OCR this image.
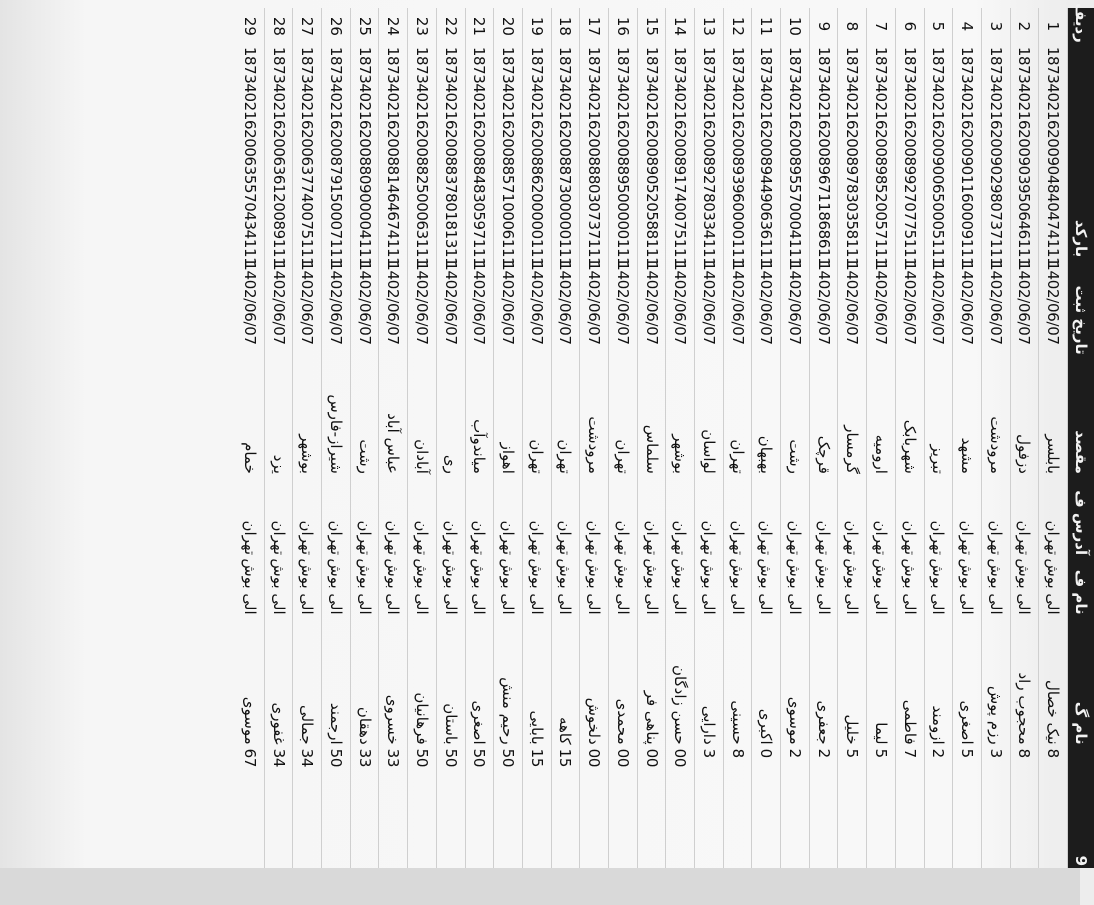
ردیف	بارکد	تاریخ ثبت	مقصد	آدرس ف	نام ف	نام گ	9
1	187340216200904840474111	1402/06/07	بابلسر	تهران	الی بوش	نیک خصال	8
2	187340216200903950646111	1402/06/07	دزفول	تهران	الی بوش	محجوب راد	8
3	187340216200902980737111	1402/06/07	مرودشت	تهران	الی بوش	رزم پوش	3
4	187340216200901160009111	1402/06/07	مشهد	تهران	الی بوش	اصغری	5
5	187340216200900650005111	1402/06/07	تبریز	تهران	الی بوش	ازومند	2
6	187340216200899270775111	1402/06/07	شهربابک	تهران	الی بوش	فاطمی	7
7	187340216200898520057111	1402/06/07	ارومیه	تهران	الی بوش	لیما	5
8	187340216200897830358111	1402/06/07	گرمسار	تهران	الی بوش	خلیل	5
9	187340216200896711868611	1402/06/07	قرچک	تهران	الی بوش	جعفری	2
10	187340216200895570004111	1402/06/07	رشت	تهران	الی بوش	موسوی	2
11	187340216200894490636111	1402/06/07	بهبهان	تهران	الی بوش	اکبری	0
12	187340216200893960000111	1402/06/07	تهران	تهران	الی بوش	حسینی	8
13	187340216200892780334111	1402/06/07	لواسان	تهران	الی بوش	دارایی	3
14	187340216200891740075111	1402/06/07	بوشهر	تهران	الی بوش	حسن زادگان	00
15	187340216200890520588111	1402/06/07	سلماس	تهران	الی بوش	پناهی فر	00
16	187340216200889500000111	1402/06/07	تهران	تهران	الی بوش	محمدی	00
17	187340216200888030737111	1402/06/07	مرودشت	تهران	الی بوش	دلخوش	00
18	187340216200887300000111	1402/06/07	تهران	تهران	الی بوش	کاهه	15
19	187340216200886200000111	1402/06/07	تهران	تهران	الی بوش	بابایی	15
20	187340216200885710006111	1402/06/07	اهواز	تهران	الی بوش	رحیم منش	50
21	187340216200884830597111	1402/06/07	میاندوآب	تهران	الی بوش	اصغری	50
22	187340216200883780181311	1402/06/07	ری	تهران	الی بوش	باستان	50
23	187340216200882500063111	1402/06/07	آبادان	تهران	الی بوش	فرهانیان	50
24	187340216200881464674111	1402/06/07	عباس آباد	تهران	الی بوش	خسروی	33
25	187340216200880900004111	1402/06/07	رشت	تهران	الی بوش	دهقان	33
26	187340216200879150007111	1402/06/07	شیراز-فارس	تهران	الی بوش	ارجمند	50
27	187340216200637740075111	1402/06/07	بوشهر	تهران	الی بوش	جمالی	34
28	187340216200636120089111	1402/06/07	یزد	تهران	الی بوش	غفوری	34
29	187340216200635570434111	1402/06/07	خمام	تهران	الی بوش	موسوی	67
